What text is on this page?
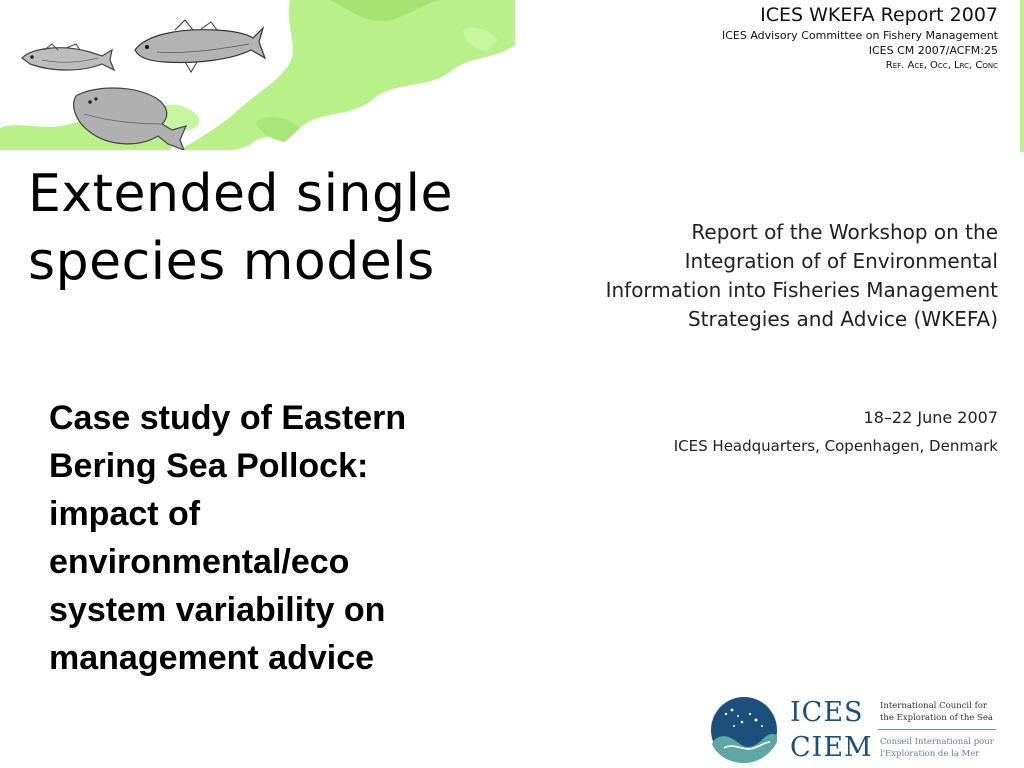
Extended single
species models
Case study of Eastern Bering Sea Pollock: impact of environmental/eco system variability on management advice
ICES WKEFA Report 2007
ICES Advisory Committee on Fishery Management
ICES CM 2007/ACFM:25
Ref. Ace, Occ, Lrc, Conc
Report of the Workshop on the
Integration of of Environmental
Information into Fisheries Management
Strategies and Advice (WKEFA)
18–22 June 2007
ICES Headquarters, Copenhagen, Denmark
ICES
CIEM
International Council for
the Exploration of the Sea
Conseil International pour
l'Exploration de la Mer
